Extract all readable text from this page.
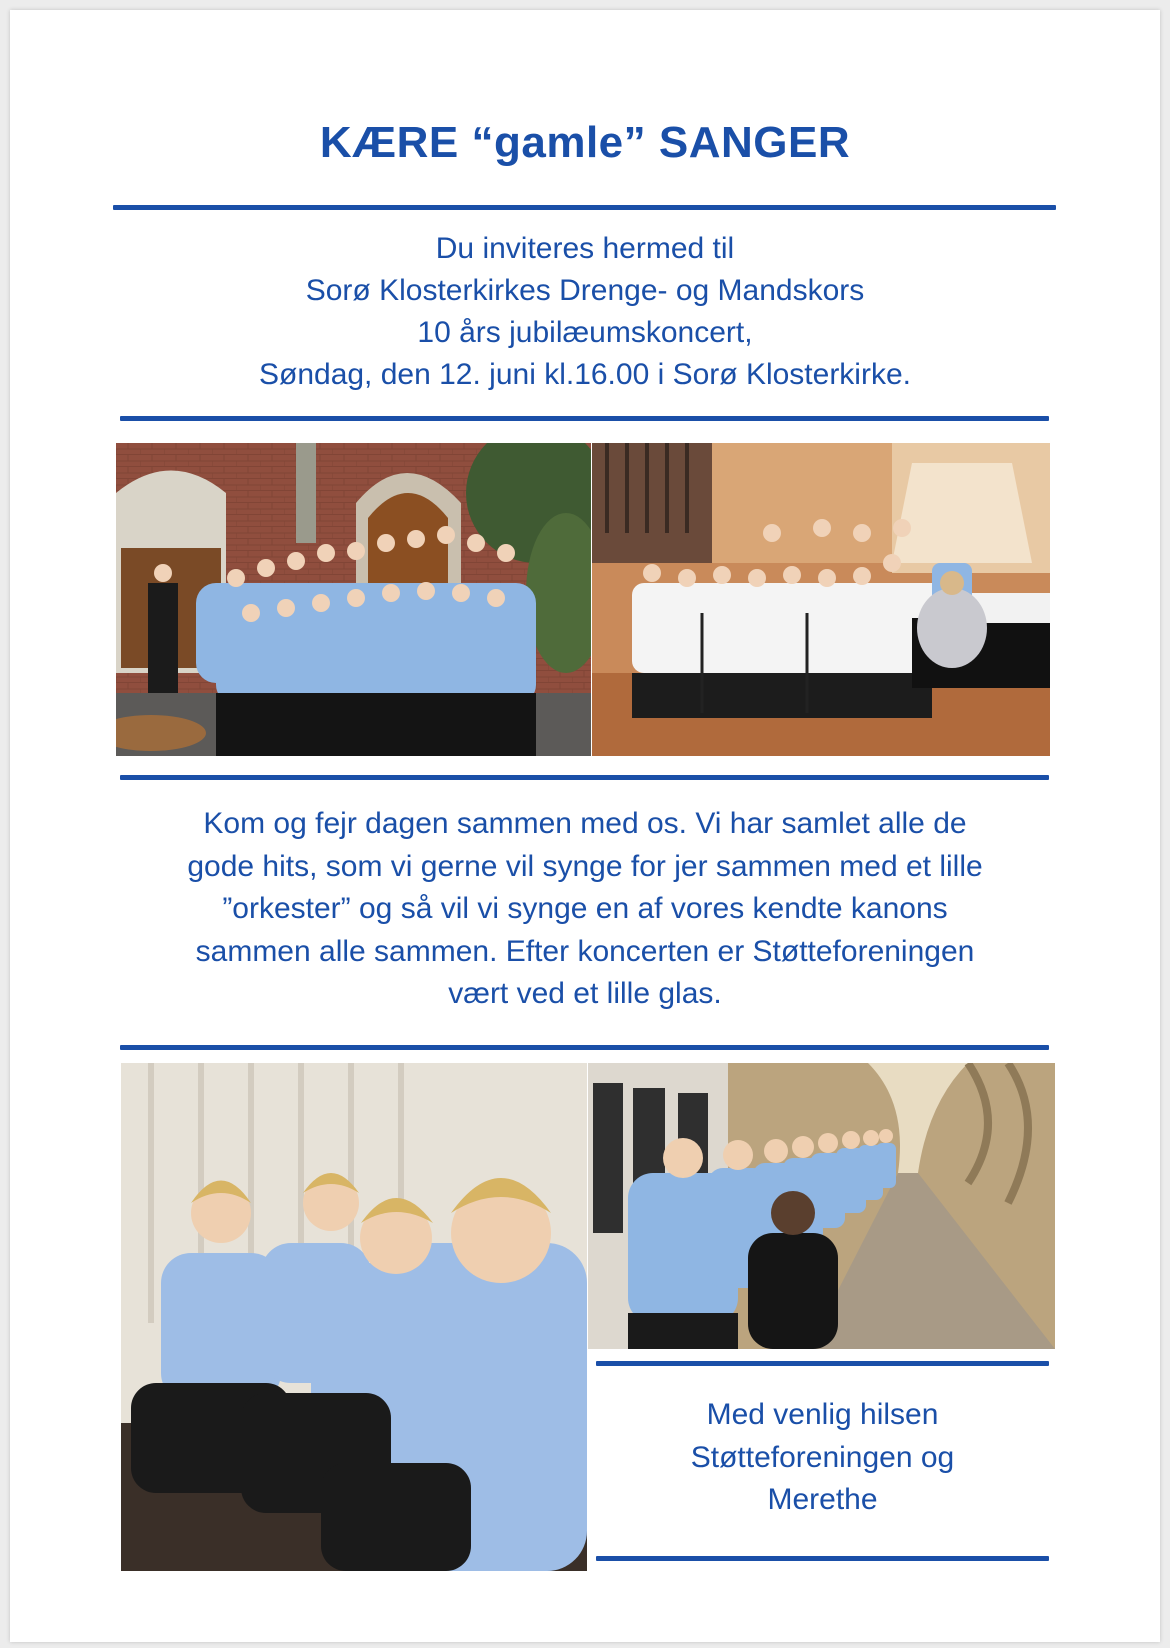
KÆRE “gamle” SANGER
Du inviteres hermed til
Sorø Klosterkirkes Drenge- og Mandskors
10 års jubilæumskoncert,
Søndag, den 12. juni kl.16.00 i Sorø Klosterkirke.
Kom og fejr dagen sammen med os. Vi har samlet alle de
gode hits, som vi gerne vil synge for jer sammen med et lille
”orkester” og så vil vi synge en af vores kendte kanons
sammen alle sammen. Efter koncerten er Støtteforeningen
vært ved et lille glas.
Med venlig hilsen
Støtteforeningen og
Merethe
